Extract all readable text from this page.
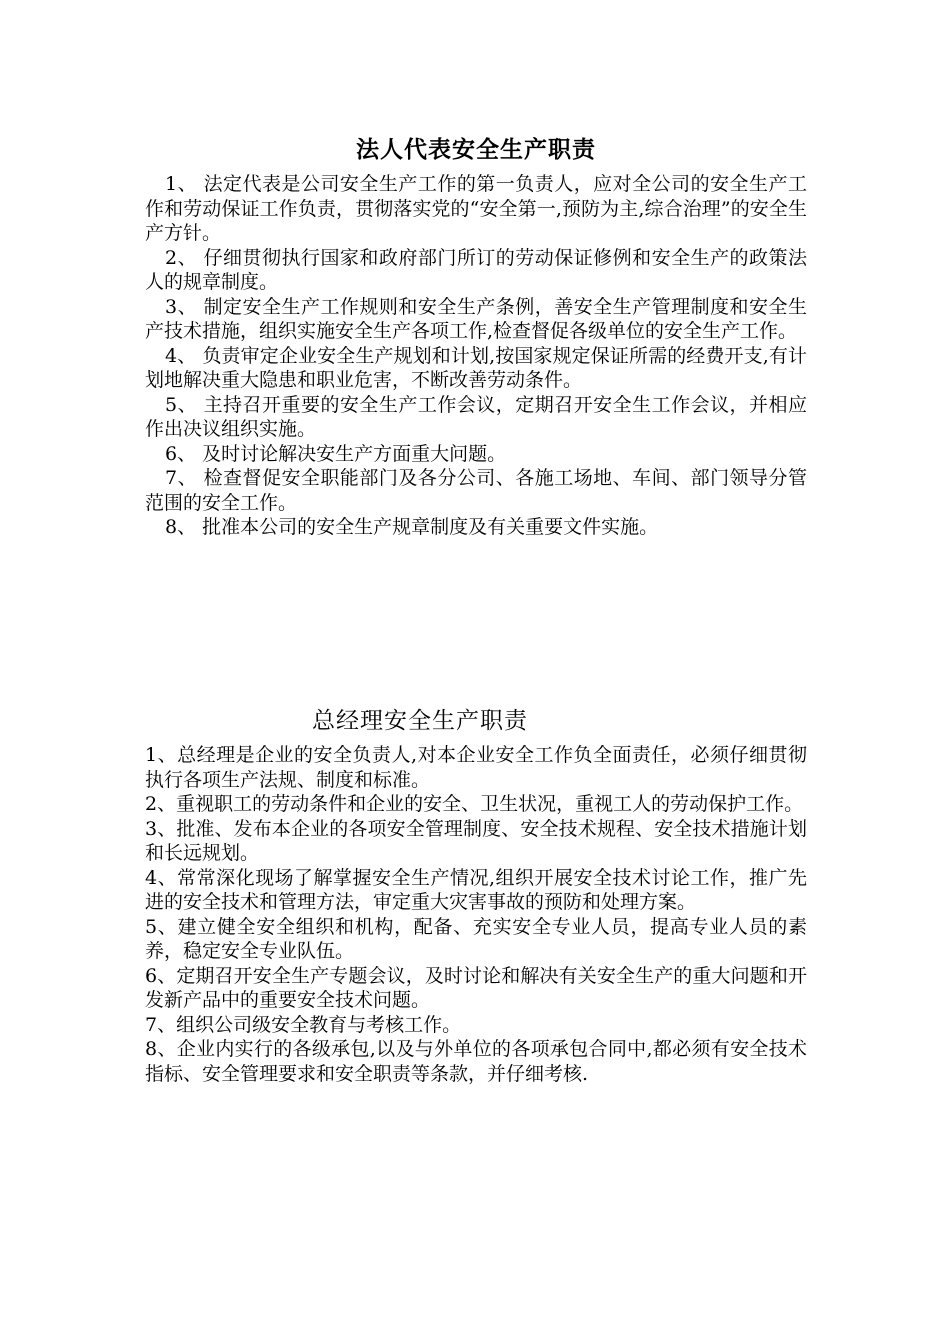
法人代表安全生产职责

1、 法定代表是公司安全生产工作的第一负责人，应对全公司的安全生产工作和劳动保证工作负责，贯彻落实党的“安全第一,预防为主,综合治理”的安全生产方针。

2、 仔细贯彻执行国家和政府部门所订的劳动保证修例和安全生产的政策法人的规章制度。

3、 制定安全生产工作规则和安全生产条例，善安全生产管理制度和安全生产技术措施，组织实施安全生产各项工作,检查督促各级单位的安全生产工作。

4、 负责审定企业安全生产规划和计划,按国家规定保证所需的经费开支,有计划地解决重大隐患和职业危害，不断改善劳动条件。

5、 主持召开重要的安全生产工作会议，定期召开安全生工作会议，并相应作出决议组织实施。

6、 及时讨论解决安生产方面重大问题。

7、 检查督促安全职能部门及各分公司、各施工场地、车间、部门领导分管范围的安全工作。

8、 批准本公司的安全生产规章制度及有关重要文件实施。

总经理安全生产职责

1、总经理是企业的安全负责人,对本企业安全工作负全面责任，必须仔细贯彻执行各项生产法规、制度和标准。

2、重视职工的劳动条件和企业的安全、卫生状况，重视工人的劳动保护工作。

3、批准、发布本企业的各项安全管理制度、安全技术规程、安全技术措施计划和长远规划。

4、常常深化现场了解掌握安全生产情况,组织开展安全技术讨论工作，推广先进的安全技术和管理方法，审定重大灾害事故的预防和处理方案。

5、建立健全安全组织和机构，配备、充实安全专业人员，提高专业人员的素养，稳定安全专业队伍。

6、定期召开安全生产专题会议，及时讨论和解决有关安全生产的重大问题和开发新产品中的重要安全技术问题。

7、组织公司级安全教育与考核工作。

8、企业内实行的各级承包,以及与外单位的各项承包合同中,都必须有安全技术指标、安全管理要求和安全职责等条款，并仔细考核.
